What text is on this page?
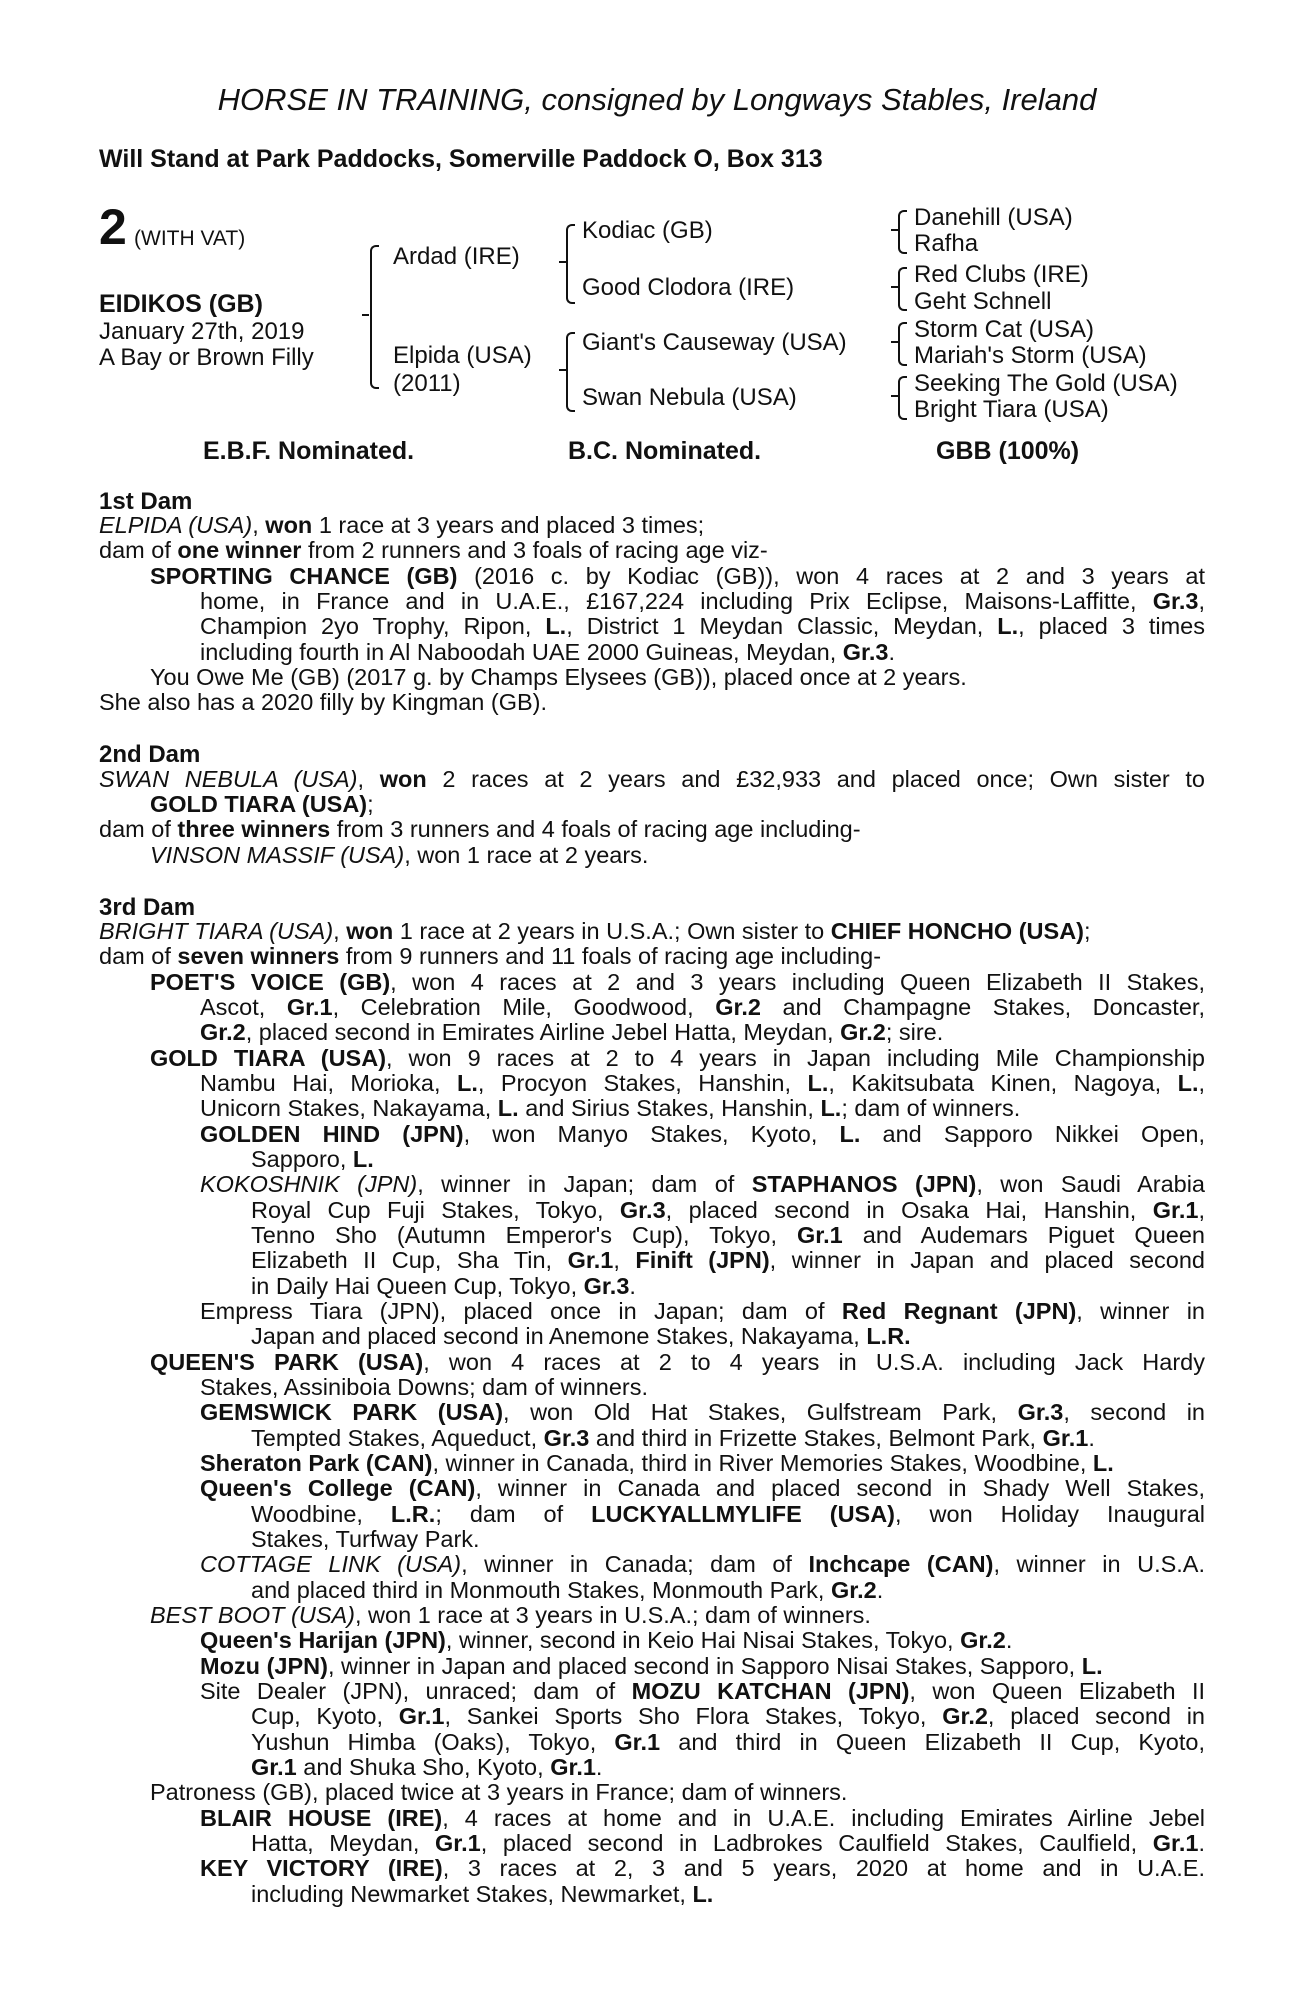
HORSE IN TRAINING, consigned by Longways Stables, Ireland
Will Stand at Park Paddocks, Somerville Paddock O, Box 313
2 (WITH VAT)
EIDIKOS (GB)
January 27th, 2019
A Bay or Brown Filly
Ardad (IRE)
Elpida (USA)
(2011)
Kodiac (GB)
Good Clodora (IRE)
Giant's Causeway (USA)
Swan Nebula (USA)
Danehill (USA)
Rafha
Red Clubs (IRE)
Geht Schnell
Storm Cat (USA)
Mariah's Storm (USA)
Seeking The Gold (USA)
Bright Tiara (USA)
E.B.F. Nominated.	B.C. Nominated.	GBB (100%)
1st Dam
ELPIDA (USA), won 1 race at 3 years and placed 3 times;
dam of one winner from 2 runners and 3 foals of racing age viz-
SPORTING CHANCE (GB) (2016 c. by Kodiac (GB)), won 4 races at 2 and 3 years at
home, in France and in U.A.E., £167,224 including Prix Eclipse, Maisons-Laffitte, Gr.3,
Champion 2yo Trophy, Ripon, L., District 1 Meydan Classic, Meydan, L., placed 3 times
including fourth in Al Naboodah UAE 2000 Guineas, Meydan, Gr.3.
You Owe Me (GB) (2017 g. by Champs Elysees (GB)), placed once at 2 years.
She also has a 2020 filly by Kingman (GB).
2nd Dam
SWAN NEBULA (USA), won 2 races at 2 years and £32,933 and placed once; Own sister to
GOLD TIARA (USA);
dam of three winners from 3 runners and 4 foals of racing age including-
VINSON MASSIF (USA), won 1 race at 2 years.
3rd Dam
BRIGHT TIARA (USA), won 1 race at 2 years in U.S.A.; Own sister to CHIEF HONCHO (USA);
dam of seven winners from 9 runners and 11 foals of racing age including-
POET'S VOICE (GB), won 4 races at 2 and 3 years including Queen Elizabeth II Stakes,
Ascot, Gr.1, Celebration Mile, Goodwood, Gr.2 and Champagne Stakes, Doncaster,
Gr.2, placed second in Emirates Airline Jebel Hatta, Meydan, Gr.2; sire.
GOLD TIARA (USA), won 9 races at 2 to 4 years in Japan including Mile Championship
Nambu Hai, Morioka, L., Procyon Stakes, Hanshin, L., Kakitsubata Kinen, Nagoya, L.,
Unicorn Stakes, Nakayama, L. and Sirius Stakes, Hanshin, L.; dam of winners.
GOLDEN HIND (JPN), won Manyo Stakes, Kyoto, L. and Sapporo Nikkei Open,
Sapporo, L.
KOKOSHNIK (JPN), winner in Japan; dam of STAPHANOS (JPN), won Saudi Arabia
Royal Cup Fuji Stakes, Tokyo, Gr.3, placed second in Osaka Hai, Hanshin, Gr.1,
Tenno Sho (Autumn Emperor's Cup), Tokyo, Gr.1 and Audemars Piguet Queen
Elizabeth II Cup, Sha Tin, Gr.1, Finift (JPN), winner in Japan and placed second
in Daily Hai Queen Cup, Tokyo, Gr.3.
Empress Tiara (JPN), placed once in Japan; dam of Red Regnant (JPN), winner in
Japan and placed second in Anemone Stakes, Nakayama, L.R.
QUEEN'S PARK (USA), won 4 races at 2 to 4 years in U.S.A. including Jack Hardy
Stakes, Assiniboia Downs; dam of winners.
GEMSWICK PARK (USA), won Old Hat Stakes, Gulfstream Park, Gr.3, second in
Tempted Stakes, Aqueduct, Gr.3 and third in Frizette Stakes, Belmont Park, Gr.1.
Sheraton Park (CAN), winner in Canada, third in River Memories Stakes, Woodbine, L.
Queen's College (CAN), winner in Canada and placed second in Shady Well Stakes,
Woodbine, L.R.; dam of LUCKYALLMYLIFE (USA), won Holiday Inaugural
Stakes, Turfway Park.
COTTAGE LINK (USA), winner in Canada; dam of Inchcape (CAN), winner in U.S.A.
and placed third in Monmouth Stakes, Monmouth Park, Gr.2.
BEST BOOT (USA), won 1 race at 3 years in U.S.A.; dam of winners.
Queen's Harijan (JPN), winner, second in Keio Hai Nisai Stakes, Tokyo, Gr.2.
Mozu (JPN), winner in Japan and placed second in Sapporo Nisai Stakes, Sapporo, L.
Site Dealer (JPN), unraced; dam of MOZU KATCHAN (JPN), won Queen Elizabeth II
Cup, Kyoto, Gr.1, Sankei Sports Sho Flora Stakes, Tokyo, Gr.2, placed second in
Yushun Himba (Oaks), Tokyo, Gr.1 and third in Queen Elizabeth II Cup, Kyoto,
Gr.1 and Shuka Sho, Kyoto, Gr.1.
Patroness (GB), placed twice at 3 years in France; dam of winners.
BLAIR HOUSE (IRE), 4 races at home and in U.A.E. including Emirates Airline Jebel
Hatta, Meydan, Gr.1, placed second in Ladbrokes Caulfield Stakes, Caulfield, Gr.1.
KEY VICTORY (IRE), 3 races at 2, 3 and 5 years, 2020 at home and in U.A.E.
including Newmarket Stakes, Newmarket, L.
